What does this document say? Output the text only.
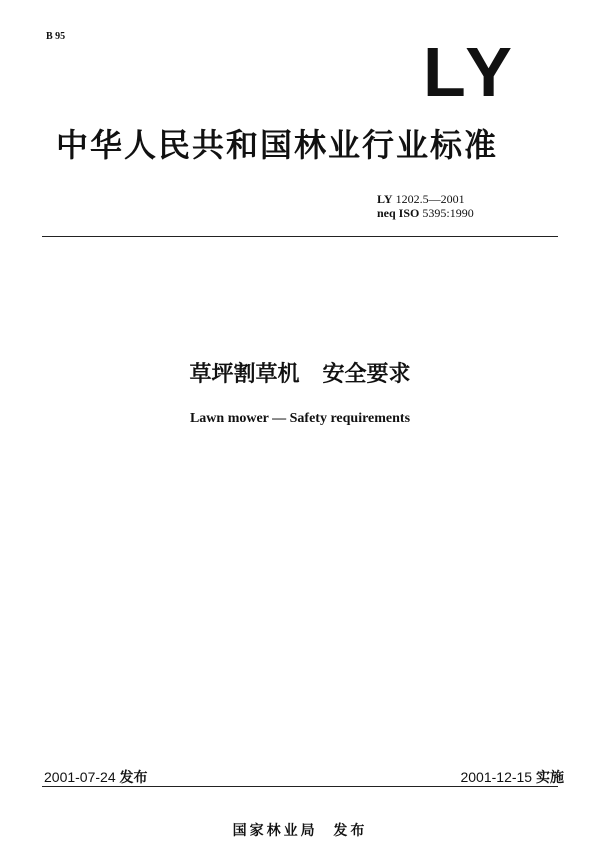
B 95	LY
中华人民共和国林业行业标准
LY 1202.5—2001
neq ISO 5395:1990
草坪割草机   安全要求
Lawn mower — Safety requirements
2001-07-24 发布	2001-12-15 实施
国家林业局  发布
